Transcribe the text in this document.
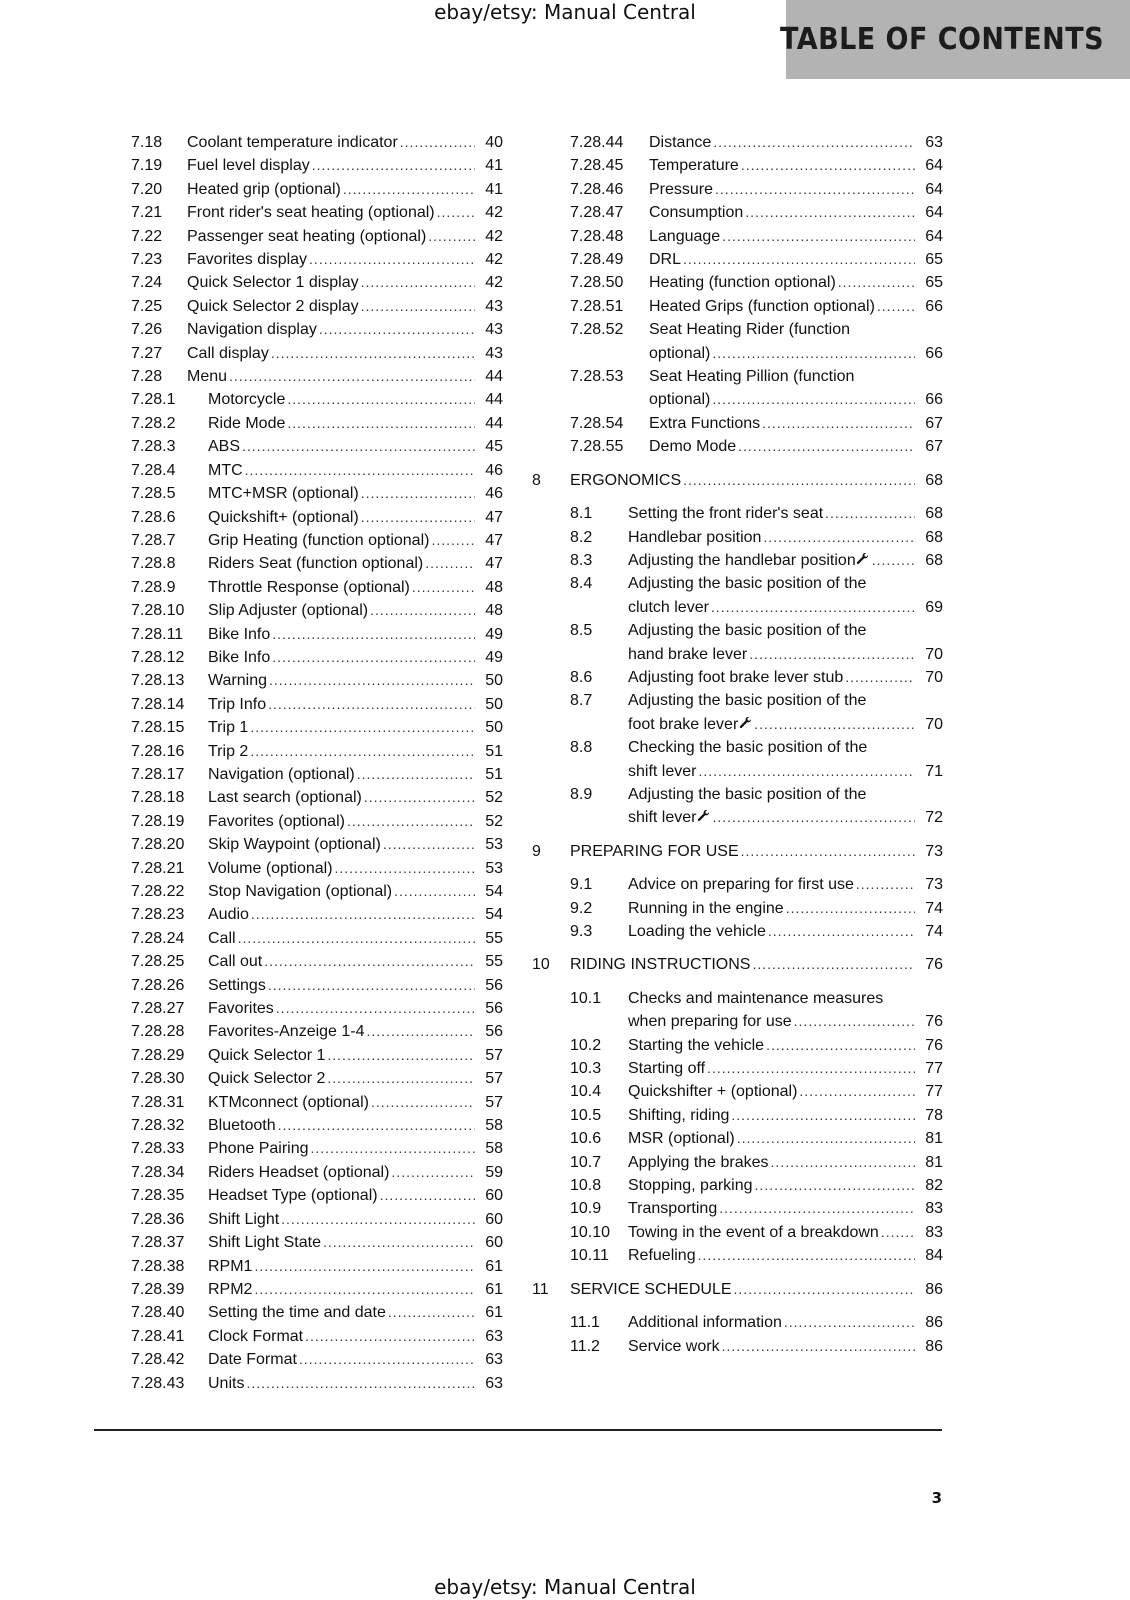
ebay/etsy: Manual Central
TABLE OF CONTENTS
7.18 Coolant temperature indicator .....	40
7.19 Fuel level display .....	41
7.20 Heated grip (optional) .....	41
7.21 Front rider's seat heating (optional) .....	42
7.22 Passenger seat heating (optional) .....	42
7.23 Favorites display .....	42
7.24 Quick Selector 1 display .....	42
7.25 Quick Selector 2 display .....	43
7.26 Navigation display .....	43
7.27 Call display .....	43
7.28 Menu .....	44
7.28.1 Motorcycle .....	44
7.28.2 Ride Mode .....	44
7.28.3 ABS .....	45
7.28.4 MTC .....	46
7.28.5 MTC+MSR (optional) .....	46
7.28.6 Quickshift+ (optional) .....	47
7.28.7 Grip Heating (function optional) .....	47
7.28.8 Riders Seat (function optional) .....	47
7.28.9 Throttle Response (optional) .....	48
7.28.10 Slip Adjuster (optional) .....	48
7.28.11 Bike Info .....	49
7.28.12 Bike Info .....	49
7.28.13 Warning .....	50
7.28.14 Trip Info .....	50
7.28.15 Trip 1 .....	50
7.28.16 Trip 2 .....	51
7.28.17 Navigation (optional) .....	51
7.28.18 Last search (optional) .....	52
7.28.19 Favorites (optional) .....	52
7.28.20 Skip Waypoint (optional) .....	53
7.28.21 Volume (optional) .....	53
7.28.22 Stop Navigation (optional) .....	54
7.28.23 Audio .....	54
7.28.24 Call .....	55
7.28.25 Call out .....	55
7.28.26 Settings .....	56
7.28.27 Favorites .....	56
7.28.28 Favorites-Anzeige 1-4 .....	56
7.28.29 Quick Selector 1 .....	57
7.28.30 Quick Selector 2 .....	57
7.28.31 KTMconnect (optional) .....	57
7.28.32 Bluetooth .....	58
7.28.33 Phone Pairing .....	58
7.28.34 Riders Headset (optional) .....	59
7.28.35 Headset Type (optional) .....	60
7.28.36 Shift Light .....	60
7.28.37 Shift Light State .....	60
7.28.38 RPM1 .....	61
7.28.39 RPM2 .....	61
7.28.40 Setting the time and date .....	61
7.28.41 Clock Format .....	63
7.28.42 Date Format .....	63
7.28.43 Units .....	63
7.28.44 Distance .....	63
7.28.45 Temperature .....	64
7.28.46 Pressure .....	64
7.28.47 Consumption .....	64
7.28.48 Language .....	64
7.28.49 DRL .....	65
7.28.50 Heating (function optional) .....	65
7.28.51 Heated Grips (function optional) .....	66
7.28.52	Seat Heating Rider (function
optional) .....	66
7.28.53	Seat Heating Pillion (function
optional) .....	66
7.28.54 Extra Functions .....	67
7.28.55 Demo Mode .....	67
8 ERGONOMICS .....	68
8.1 Setting the front rider's seat .....	68
8.2 Handlebar position .....	68
8.3 Adjusting the handlebar position .....	68
8.4	Adjusting the basic position of the
clutch lever .....	69
8.5	Adjusting the basic position of the
hand brake lever .....	70
8.6 Adjusting foot brake lever stub .....	70
8.7	Adjusting the basic position of the
foot brake lever .....	70
8.8	Checking the basic position of the
shift lever .....	71
8.9	Adjusting the basic position of the
shift lever .....	72
9 PREPARING FOR USE .....	73
9.1 Advice on preparing for first use .....	73
9.2 Running in the engine .....	74
9.3 Loading the vehicle .....	74
10 RIDING INSTRUCTIONS .....	76
10.1	Checks and maintenance measures
when preparing for use .....	76
10.2 Starting the vehicle .....	76
10.3 Starting off .....	77
10.4 Quickshifter + (optional) .....	77
10.5 Shifting, riding .....	78
10.6 MSR (optional) .....	81
10.7 Applying the brakes .....	81
10.8 Stopping, parking .....	82
10.9 Transporting .....	83
10.10 Towing in the event of a breakdown .....	83
10.11 Refueling .....	84
11 SERVICE SCHEDULE .....	86
11.1 Additional information .....	86
11.2 Service work .....	86
3
ebay/etsy: Manual Central
